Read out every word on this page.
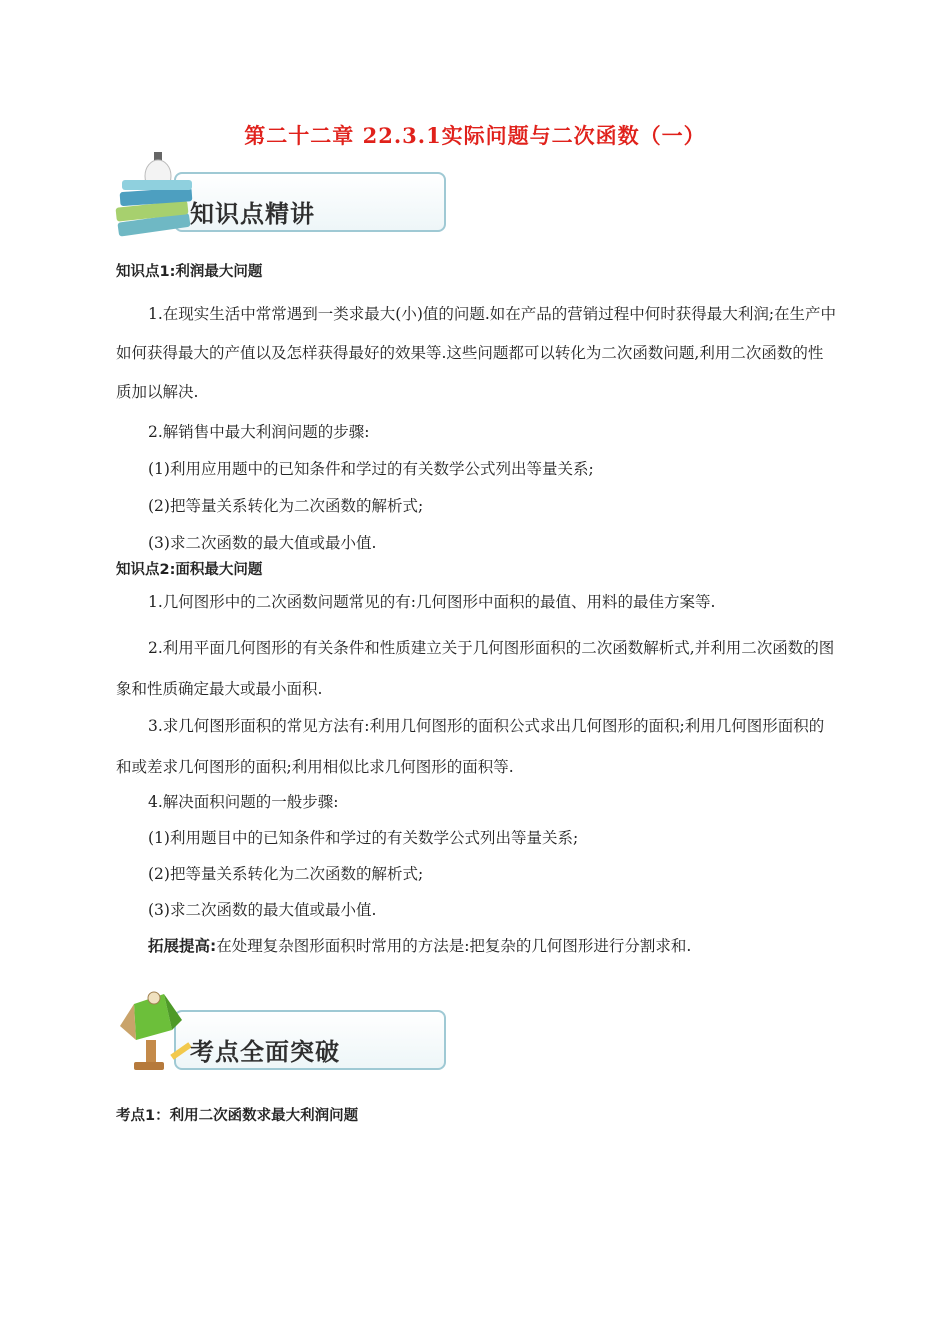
第二十二章 22.3.1实际问题与二次函数（一）
知识点精讲
知识点1:利润最大问题
1.在现实生活中常常遇到一类求最大(小)值的问题.如在产品的营销过程中何时获得最大利润;在生产中如何获得最大的产值以及怎样获得最好的效果等.这些问题都可以转化为二次函数问题,利用二次函数的性质加以解决.
2.解销售中最大利润问题的步骤:
(1)利用应用题中的已知条件和学过的有关数学公式列出等量关系;
(2)把等量关系转化为二次函数的解析式;
(3)求二次函数的最大值或最小值.
知识点2:面积最大问题
1.几何图形中的二次函数问题常见的有:几何图形中面积的最值、用料的最佳方案等.
2.利用平面几何图形的有关条件和性质建立关于几何图形面积的二次函数解析式,并利用二次函数的图象和性质确定最大或最小面积.
3.求几何图形面积的常见方法有:利用几何图形的面积公式求出几何图形的面积;利用几何图形面积的和或差求几何图形的面积;利用相似比求几何图形的面积等.
4.解决面积问题的一般步骤:
(1)利用题目中的已知条件和学过的有关数学公式列出等量关系;
(2)把等量关系转化为二次函数的解析式;
(3)求二次函数的最大值或最小值.
拓展提高:在处理复杂图形面积时常用的方法是:把复杂的几何图形进行分割求和.
考点全面突破
考点1：利用二次函数求最大利润问题
